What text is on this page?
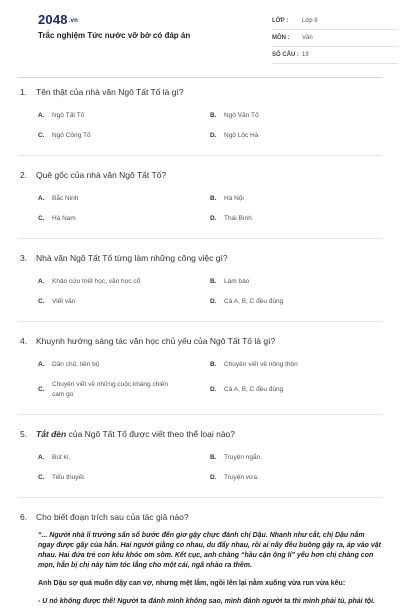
2048.vn
Trắc nghiệm Tức nước vỡ bờ có đáp án
LỚP :	Lớp 8
MÔN :	Văn
SỐ CÂU : 19
1.	Tên thật của nhà văn Ngô Tất Tố là gì?
A.	Ngô Tất Tố	B.	Ngô Văn Tố
C.	Ngô Công Tố	D.	Ngô Lộc Hà
2.	Quê gốc của nhà văn Ngô Tất Tố?
A.	Bắc Ninh	B.	Hà Nội
C.	Hà Nam	D.	Thái Bình
3.	Nhà văn Ngô Tất Tố từng làm những công việc gì?
A.	Khảo cứu triết học, văn học cổ	B.	Làm báo
C.	Viết văn	D.	Cả A, B, C đều đúng
4.	Khuynh hướng sáng tác văn học chủ yếu của Ngô Tất Tố là gì?
A.	Dân chủ, tiến bộ	B.	Chuyên viết về nông thôn
C.
Chuyên viết về những cuộc kháng chiến cam go
D.	Cả A, B, C đều đúng
5.	Tắt đèn của Ngô Tất Tố được viết theo thể loại nào?
A.	Bút kí.	B.	Truyện ngắn.
C.	Tiểu thuyết.	D.	Truyện vừa.
6.	Cho biết đoạn trích sau của tác giả nào?

“... Người nhà lí trưởng sấn sổ bước đến giơ gậy chực đánh chị Dậu. Nhanh như cắt, chị Dậu nắm ngay được gậy của hắn. Hai người giằng co nhau, du đẩy nhau, rồi ai nấy đều buông gậy ra, áp vào vật nhau. Hai đứa trẻ con kêu khóc om sòm. Kết cục, anh chàng “hầu cận ông lí” yếu hơn chị chàng con mọn, hắn bị chị này túm tóc lẳng cho một cái, ngã nhào ra thềm.

Anh Dậu sợ quá muốn dậy can vợ, nhưng mệt lắm, ngồi lên lại nằm xuống vừa run vừa kêu:

- U nó không được thế! Người ta đánh mình không sao, mình đánh người ta thì mình phải tù, phải tội.
